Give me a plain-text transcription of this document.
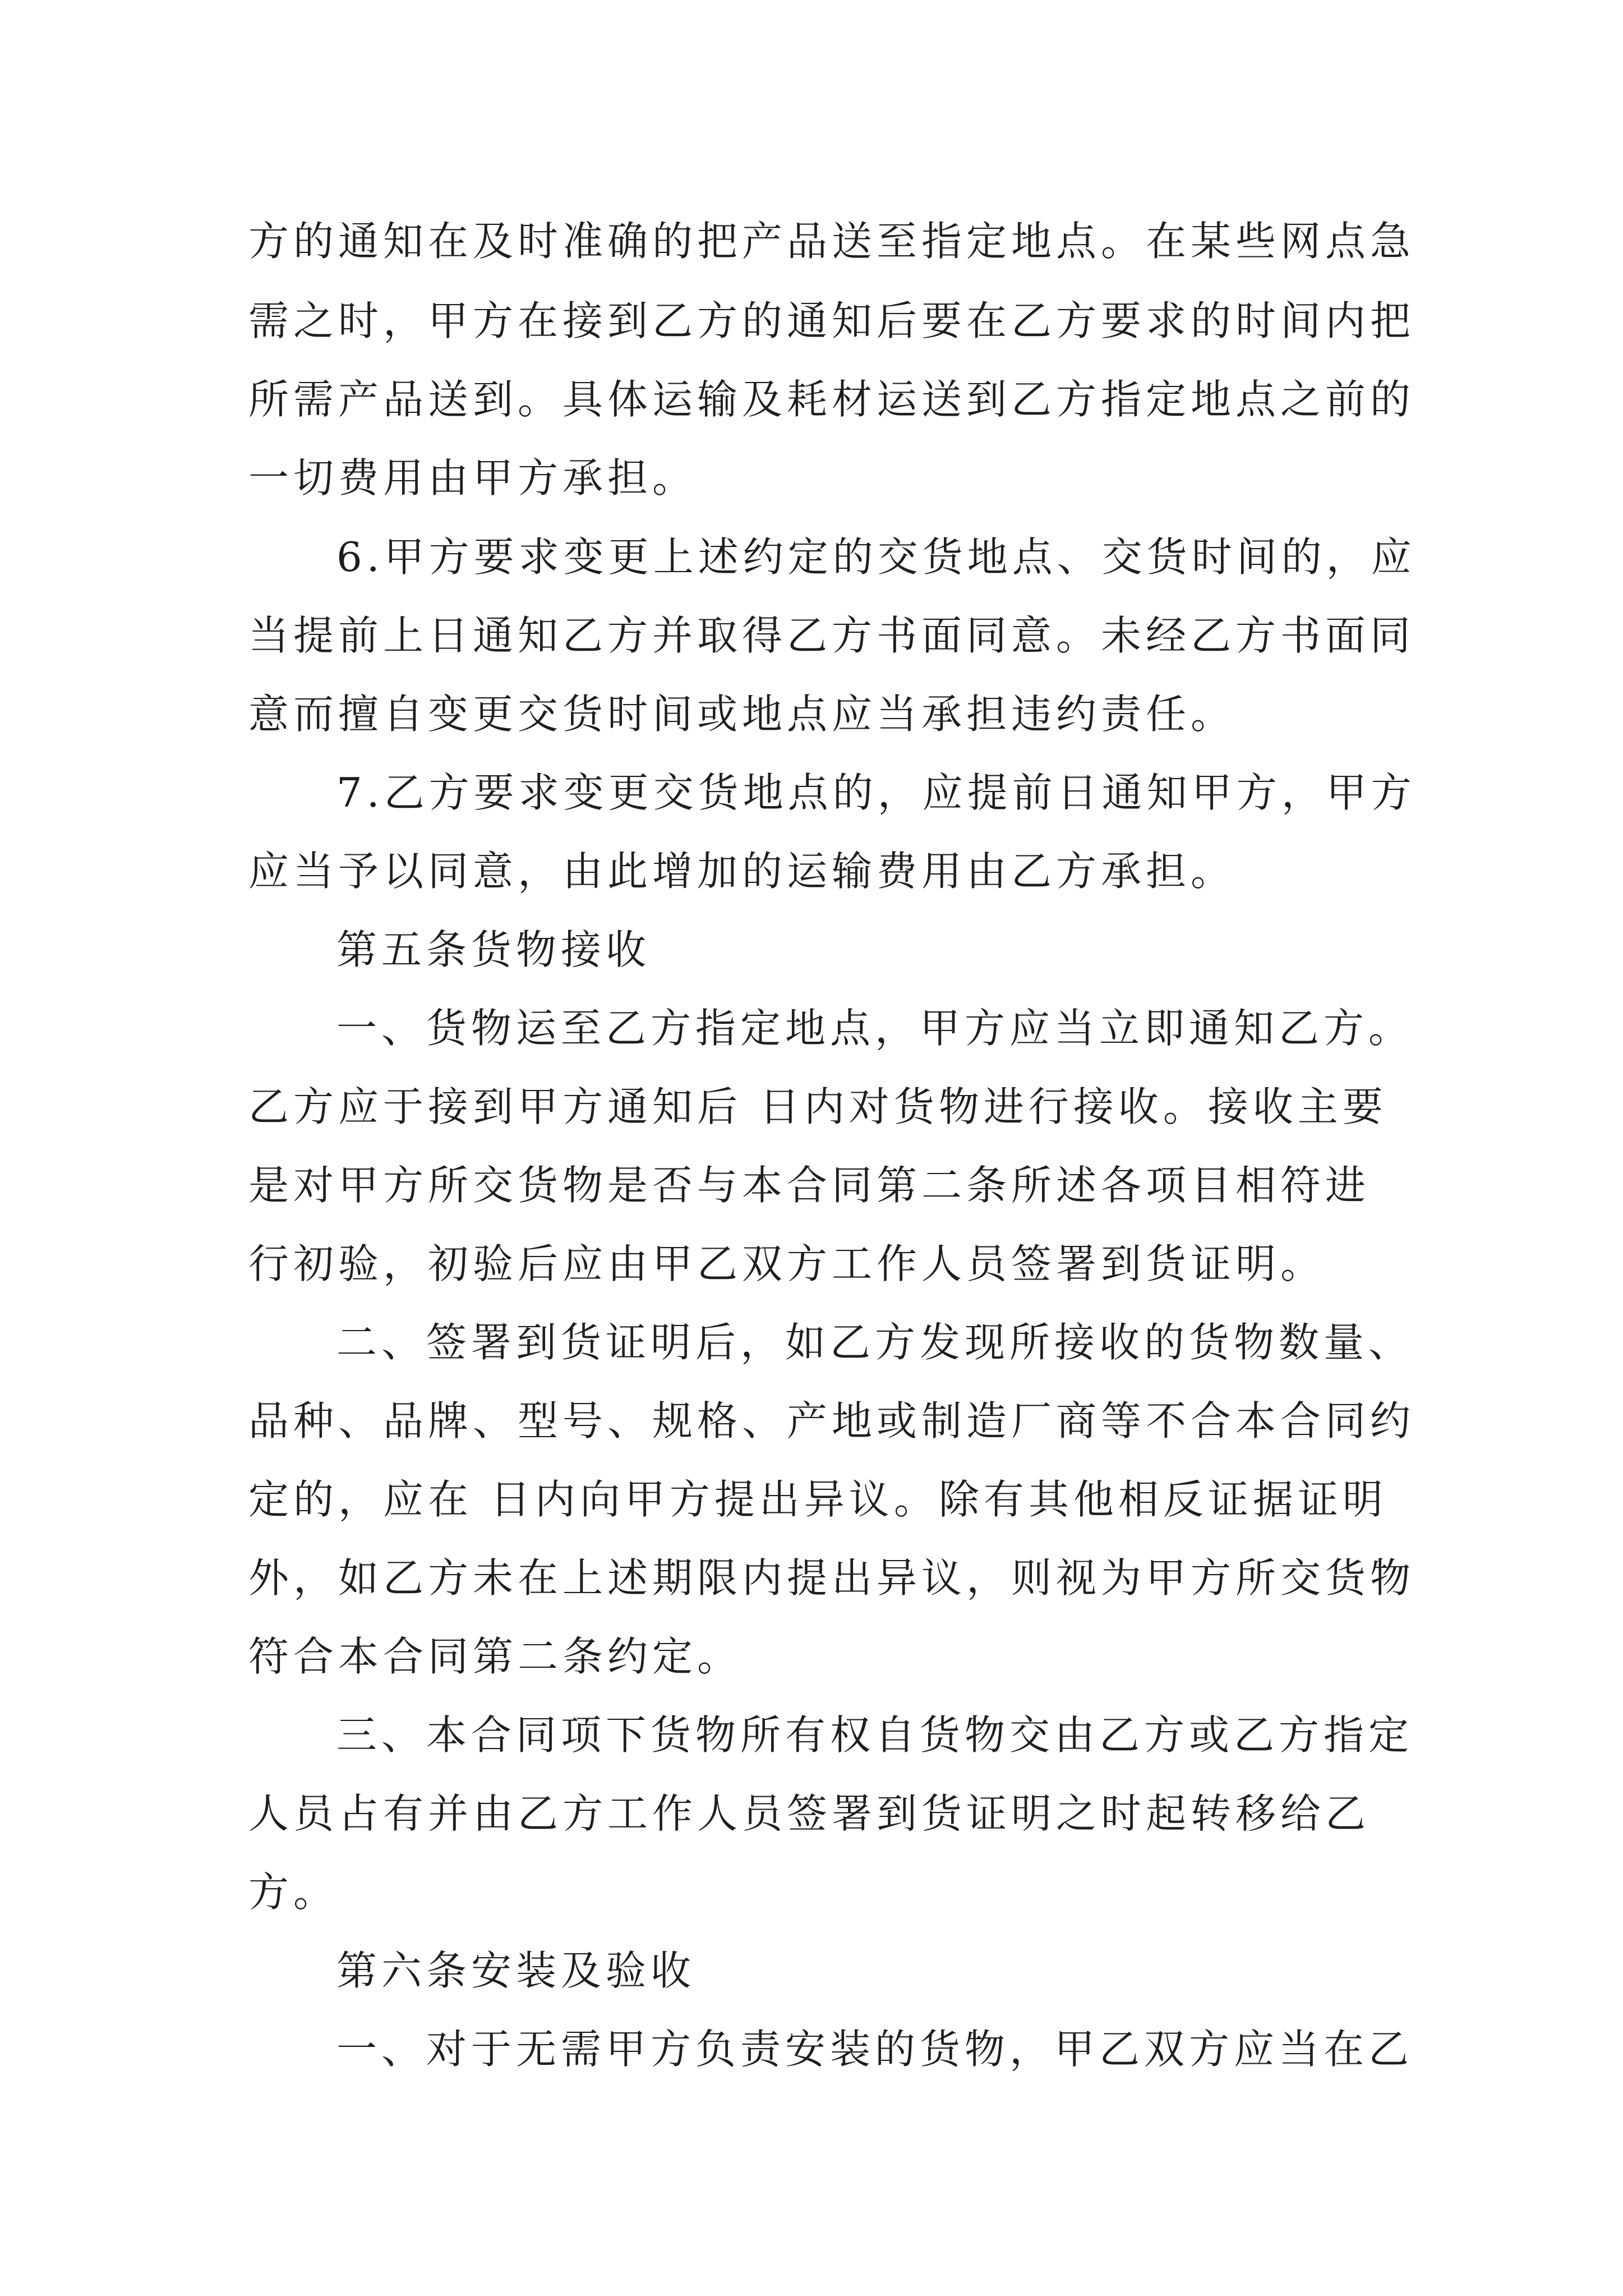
方的通知在及时准确的把产品送至指定地点。在某些网点急

需之时，甲方在接到乙方的通知后要在乙方要求的时间内把

所需产品送到。具体运输及耗材运送到乙方指定地点之前的

一切费用由甲方承担。

6.甲方要求变更上述约定的交货地点、交货时间的，应

当提前上日通知乙方并取得乙方书面同意。未经乙方书面同

意而擅自变更交货时间或地点应当承担违约责任。

7.乙方要求变更交货地点的，应提前日通知甲方，甲方

应当予以同意，由此增加的运输费用由乙方承担。

第五条货物接收

一、货物运至乙方指定地点，甲方应当立即通知乙方。

乙方应于接到甲方通知后 日内对货物进行接收。接收主要

是对甲方所交货物是否与本合同第二条所述各项目相符进

行初验，初验后应由甲乙双方工作人员签署到货证明。

二、签署到货证明后，如乙方发现所接收的货物数量、

品种、品牌、型号、规格、产地或制造厂商等不合本合同约

定的，应在 日内向甲方提出异议。除有其他相反证据证明

外，如乙方未在上述期限内提出异议，则视为甲方所交货物

符合本合同第二条约定。

三、本合同项下货物所有权自货物交由乙方或乙方指定

人员占有并由乙方工作人员签署到货证明之时起转移给乙

方。

第六条安装及验收

一、对于无需甲方负责安装的货物，甲乙双方应当在乙
